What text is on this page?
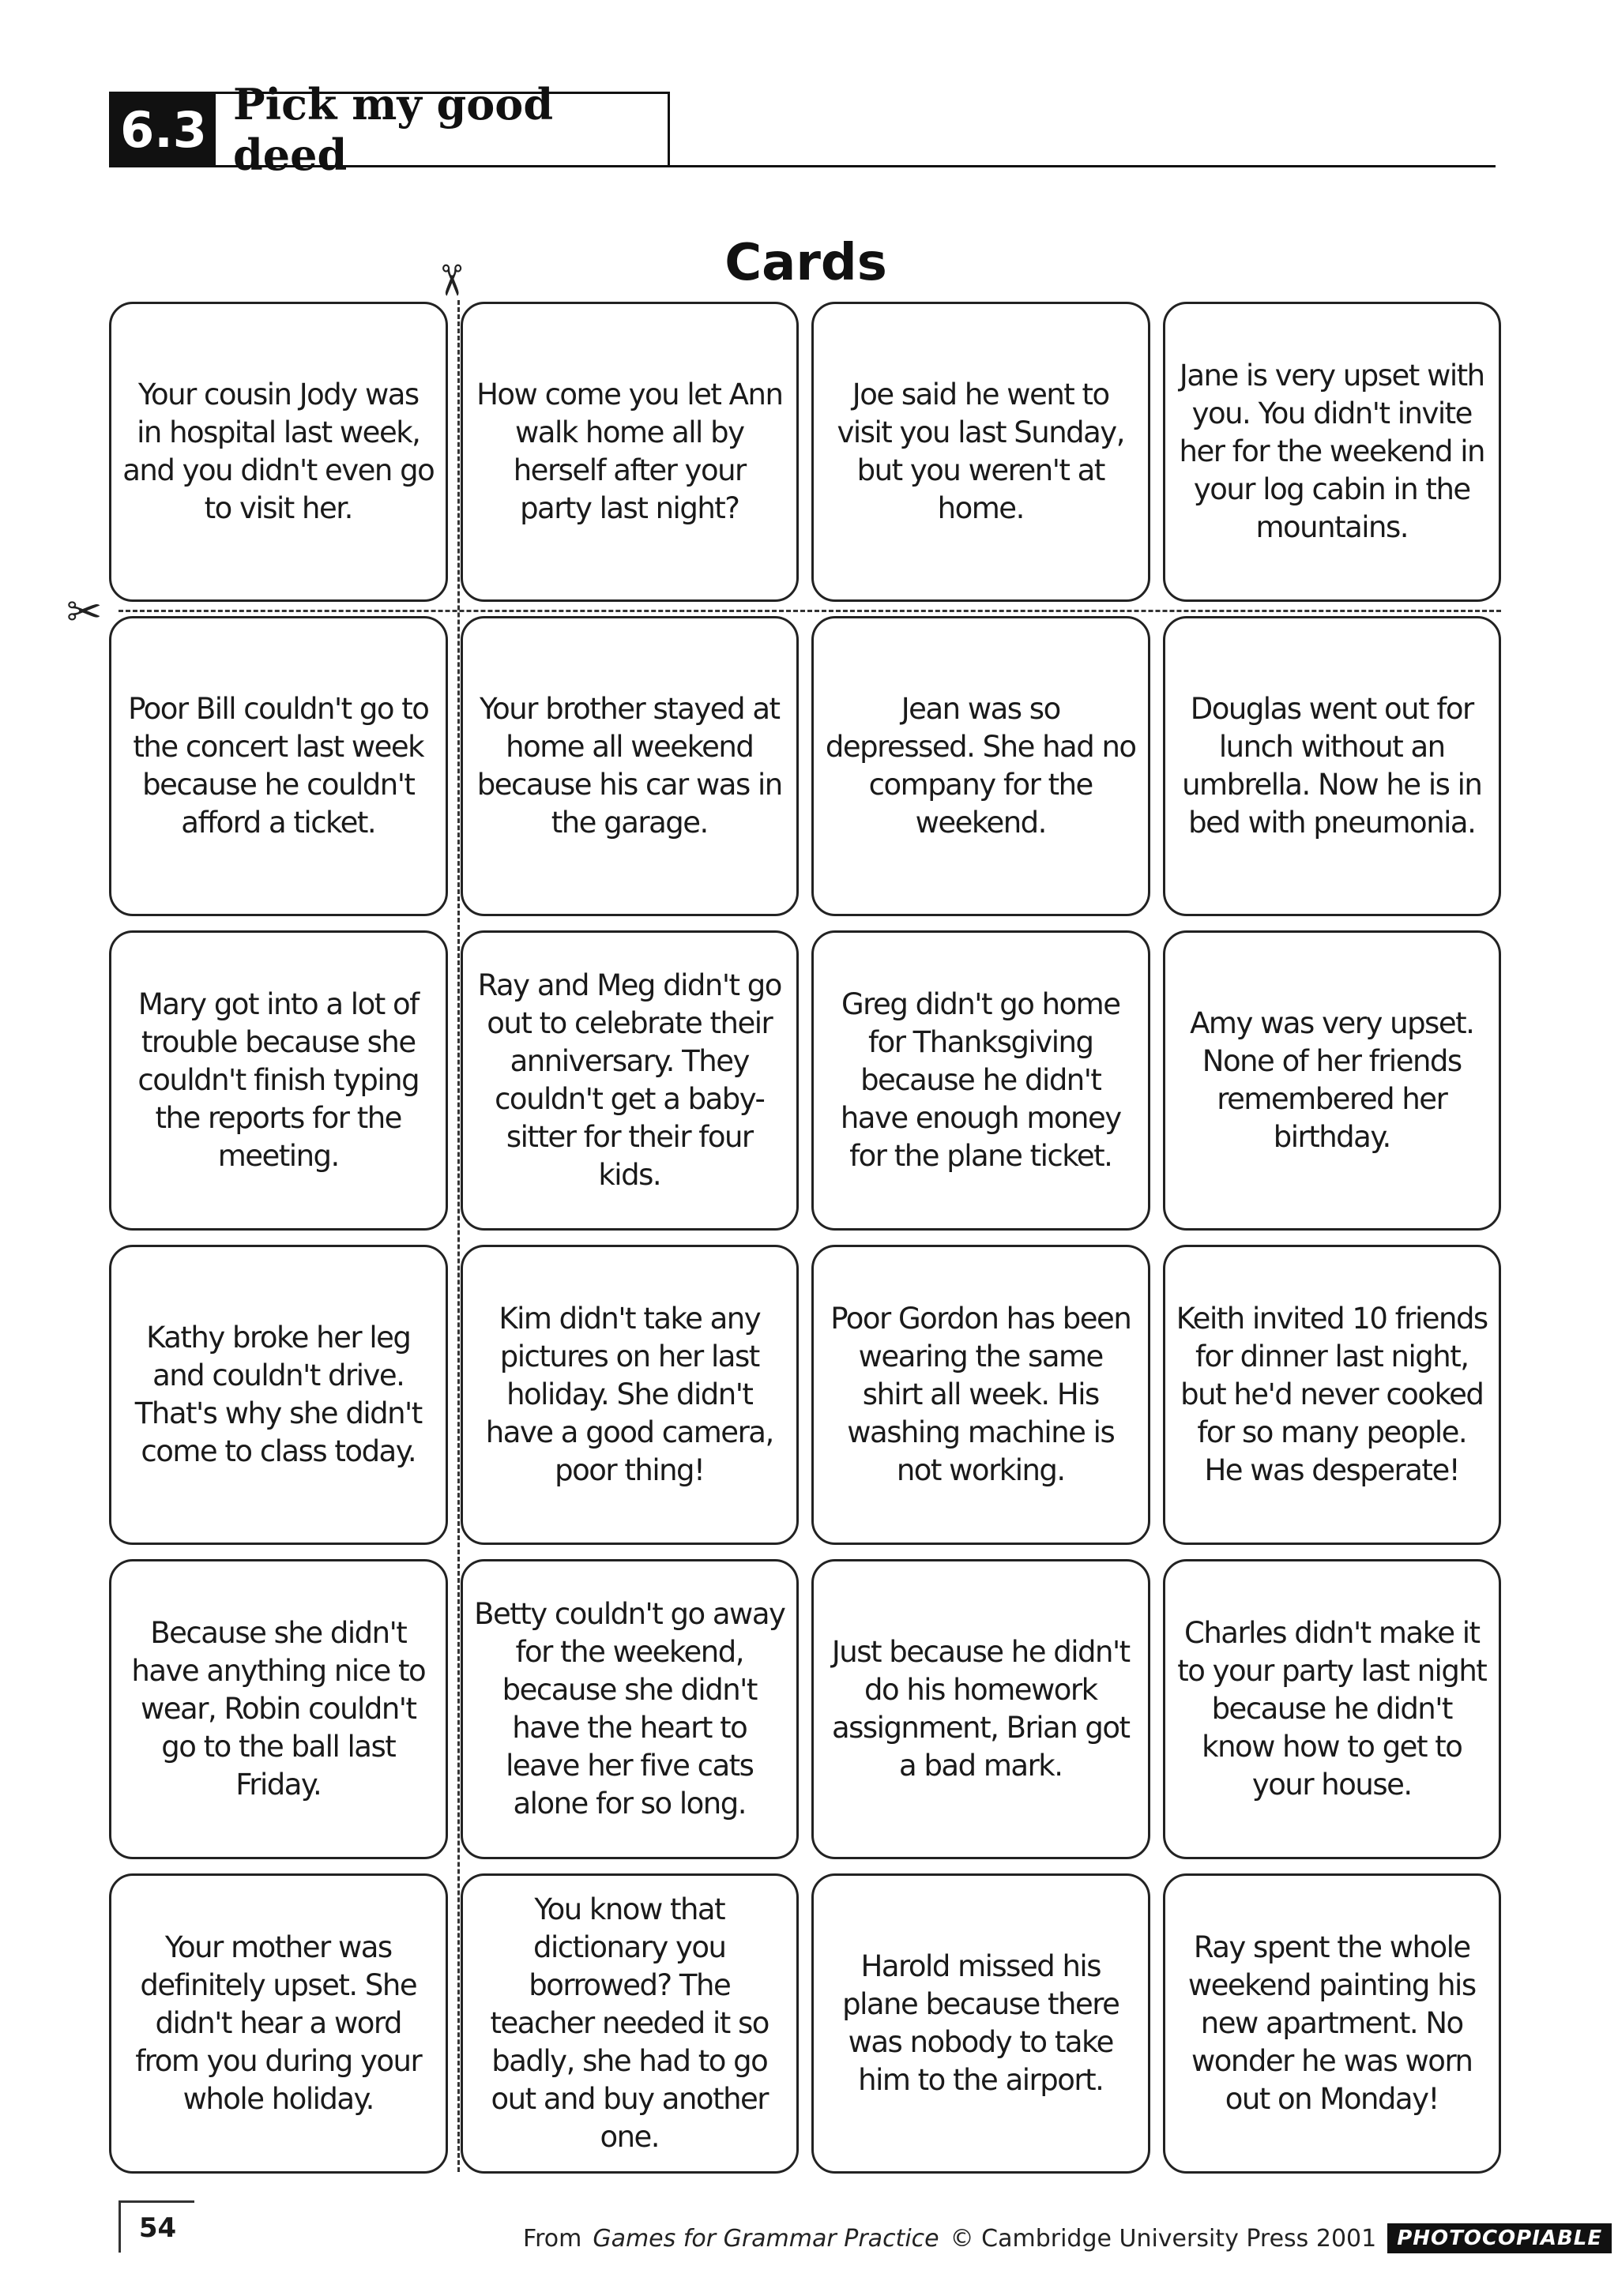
6.3 Pick my good deed
Cards
✂
✂
Your cousin Jody was in hospital last week, and you didn't even go to visit her.
How come you let Ann walk home all by herself after your party last night?
Joe said he went to visit you last Sunday, but you weren't at home.
Jane is very upset with you. You didn't invite her for the weekend in your log cabin in the mountains.
Poor Bill couldn't go to the concert last week because he couldn't afford a ticket.
Your brother stayed at home all weekend because his car was in the garage.
Jean was so depressed. She had no company for the weekend.
Douglas went out for lunch without an umbrella. Now he is in bed with pneumonia.
Mary got into a lot of trouble because she couldn't finish typing the reports for the meeting.
Ray and Meg didn't go out to celebrate their anniversary. They couldn't get a baby-sitter for their four kids.
Greg didn't go home for Thanksgiving because he didn't have enough money for the plane ticket.
Amy was very upset. None of her friends remembered her birthday.
Kathy broke her leg and couldn't drive. That's why she didn't come to class today.
Kim didn't take any pictures on her last holiday. She didn't have a good camera, poor thing!
Poor Gordon has been wearing the same shirt all week. His washing machine is not working.
Keith invited 10 friends for dinner last night, but he'd never cooked for so many people. He was desperate!
Because she didn't have anything nice to wear, Robin couldn't go to the ball last Friday.
Betty couldn't go away for the weekend, because she didn't have the heart to leave her five cats alone for so long.
Just because he didn't do his homework assignment, Brian got a bad mark.
Charles didn't make it to your party last night because he didn't know how to get to your house.
Your mother was definitely upset. She didn't hear a word from you during your whole holiday.
You know that dictionary you borrowed? The teacher needed it so badly, she had to go out and buy another one.
Harold missed his plane because there was nobody to take him to the airport.
Ray spent the whole weekend painting his new apartment. No wonder he was worn out on Monday!
54	From Games for Grammar Practice © Cambridge University Press 2001	PHOTOCOPIABLE
